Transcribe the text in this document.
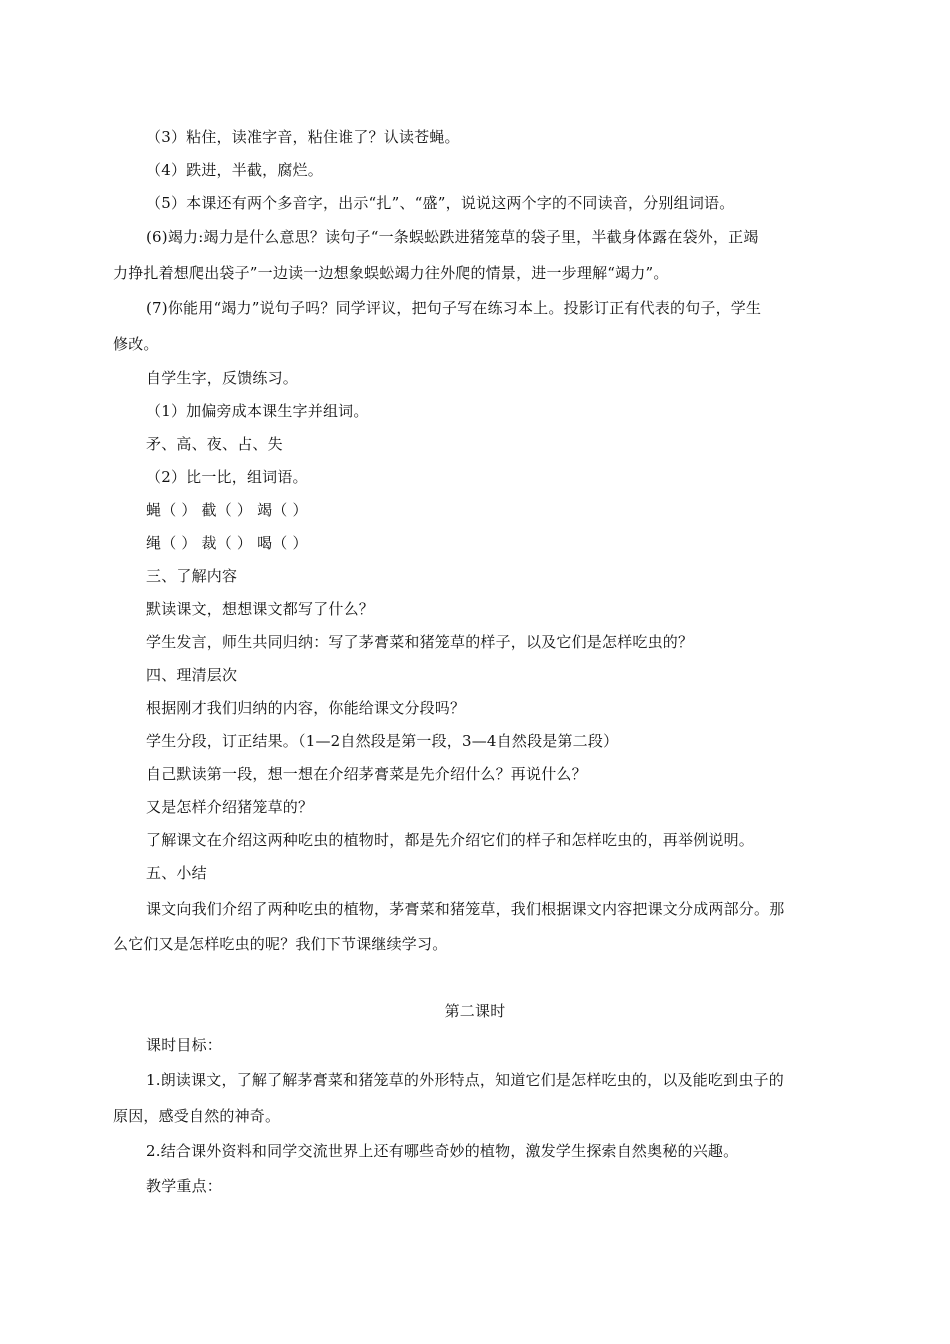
（3）粘住，读准字音，粘住谁了？认读苍蝇。
（4）跌进，半截，腐烂。
（5）本课还有两个多音字，出示“扎”、“盛”，说说这两个字的不同读音，分别组词语。
(6)竭力:竭力是什么意思？读句子“一条蜈蚣跌进猪笼草的袋子里，半截身体露在袋外，正竭
力挣扎着想爬出袋子”一边读一边想象蜈蚣竭力往外爬的情景，进一步理解“竭力”。
(7)你能用“竭力”说句子吗？同学评议，把句子写在练习本上。投影订正有代表的句子，学生
修改。
自学生字，反馈练习。
（1）加偏旁成本课生字并组词。
矛、高、夜、占、失
（2）比一比，组词语。
蝇（ ） 截（ ） 竭（ ）
绳（ ） 裁（ ） 喝（ ）
三、了解内容
默读课文，想想课文都写了什么？
学生发言，师生共同归纳：写了茅膏菜和猪笼草的样子，以及它们是怎样吃虫的？
四、理清层次
根据刚才我们归纳的内容，你能给课文分段吗？
学生分段，订正结果。（1—2自然段是第一段，3—4自然段是第二段）
自己默读第一段，想一想在介绍茅膏菜是先介绍什么？再说什么？
又是怎样介绍猪笼草的？
了解课文在介绍这两种吃虫的植物时，都是先介绍它们的样子和怎样吃虫的，再举例说明。
五、小结
课文向我们介绍了两种吃虫的植物，茅膏菜和猪笼草，我们根据课文内容把课文分成两部分。那
么它们又是怎样吃虫的呢？我们下节课继续学习。
第二课时
课时目标：
1.朗读课文，了解了解茅膏菜和猪笼草的外形特点，知道它们是怎样吃虫的，以及能吃到虫子的
原因，感受自然的神奇。
2.结合课外资料和同学交流世界上还有哪些奇妙的植物，激发学生探索自然奥秘的兴趣。
教学重点：
